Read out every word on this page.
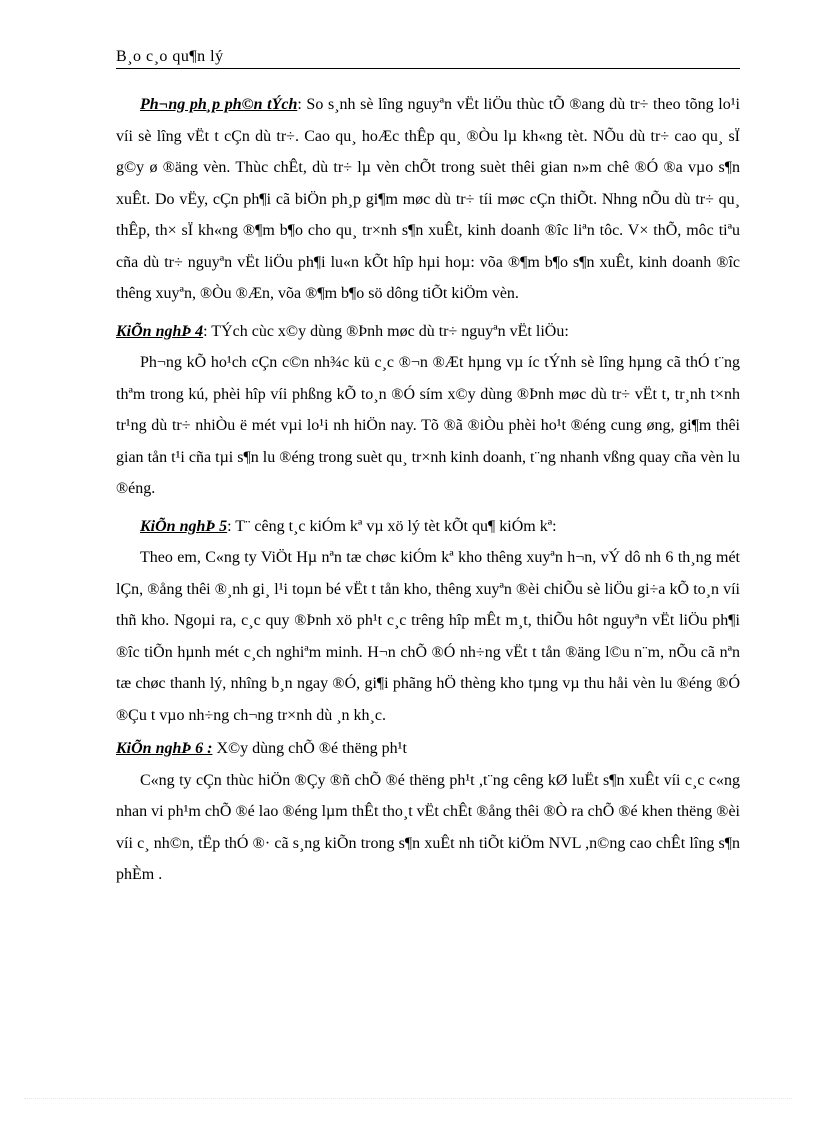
B¸o c¸o qu¶n lý

Ph¬ng ph¸p ph©n tÝch: So s¸nh sè lîng nguyªn vËt liÖu thùc tÕ ®ang dù tr÷ theo tõng lo¹i víi sè lîng vËt t cÇn dù tr÷. Cao qu¸ hoÆc thÊp qu¸ ®Òu lµ kh«ng tèt. NÕu dù tr÷ cao qu¸ sÏ g©y ø ®äng vèn. Thùc chÊt, dù tr÷ lµ vèn chÕt trong suèt thêi gian n»m chê ®Ó ®a vµo s¶n xuÊt. Do vËy, cÇn ph¶i cã biÖn ph¸p gi¶m møc dù tr÷ tíi møc cÇn thiÕt. Nhng nÕu dù tr÷ qu¸ thÊp, th× sÏ kh«ng ®¶m b¶o cho qu¸ tr×nh s¶n xuÊt, kinh doanh ®îc liªn tôc. V× thÕ, môc tiªu cña dù tr÷ nguyªn vËt liÖu ph¶i lu«n kÕt hîp hµi hoµ: võa ®¶m b¶o s¶n xuÊt, kinh doanh ®îc thêng xuyªn, ®Òu ®Æn, võa ®¶m b¶o sö dông tiÕt kiÖm vèn.

KiÕn nghÞ 4: TÝch cùc x©y dùng ®Þnh møc dù tr÷ nguyªn vËt liÖu:

Ph¬ng kÕ ho¹ch cÇn c©n nh¾c kü c¸c ®¬n ®Æt hµng vµ íc tÝnh sè lîng hµng cã thÓ t¨ng thªm trong kú, phèi hîp víi phßng kÕ to¸n ®Ó sím x©y dùng ®Þnh møc dù tr÷ vËt t, tr¸nh t×nh tr¹ng dù tr÷ nhiÒu ë mét vµi lo¹i nh hiÖn nay. Tõ ®ã ®iÒu phèi ho¹t ®éng cung øng, gi¶m thêi gian tån t¹i cña tµi s¶n lu ®éng trong suèt qu¸ tr×nh kinh doanh, t¨ng nhanh vßng quay cña vèn lu ®éng.

KiÕn nghÞ 5: T¨ cêng t¸c kiÓm kª vµ xö lý tèt kÕt qu¶ kiÓm kª:

Theo em, C«ng ty ViÖt Hµ nªn tæ chøc kiÓm kª kho thêng xuyªn h¬n, vÝ dô nh 6 th¸ng mét lÇn, ®ång thêi ®¸nh gi¸ l¹i toµn bé vËt t tån kho, thêng xuyªn ®èi chiÕu sè liÖu gi÷a kÕ to¸n víi thñ kho. Ngoµi ra, c¸c quy ®Þnh xö ph¹t c¸c trêng hîp mÊt m¸t, thiÕu hôt nguyªn vËt liÖu ph¶i ®îc tiÕn hµnh mét c¸ch nghiªm minh. H¬n chÕ ®Ó nh÷ng vËt t tån ®äng l©u n¨m, nÕu cã nªn tæ chøc thanh lý, nhîng b¸n ngay ®Ó, gi¶i phãng hÖ thèng kho tµng vµ thu håi vèn lu ®éng ®Ó ®Çu t vµo nh÷ng ch¬ng tr×nh dù ¸n kh¸c.

KiÕn nghÞ 6 : X©y dùng chÕ ®é thëng ph¹t

C«ng ty cÇn thùc hiÖn ®Çy ®ñ chÕ ®é thëng ph¹t ,t¨ng cêng kØ luËt s¶n xuÊt víi c¸c c«ng nhan vi ph¹m chÕ ®é lao ®éng lµm thÊt tho¸t vËt chÊt ®ång thêi ®Ò ra chÕ ®é khen thëng ®èi víi c¸ nh©n, tËp thÓ ®· cã s¸ng kiÕn trong s¶n xuÊt nh tiÕt kiÖm NVL ,n©ng cao chÊt lîng s¶n phÈm .
